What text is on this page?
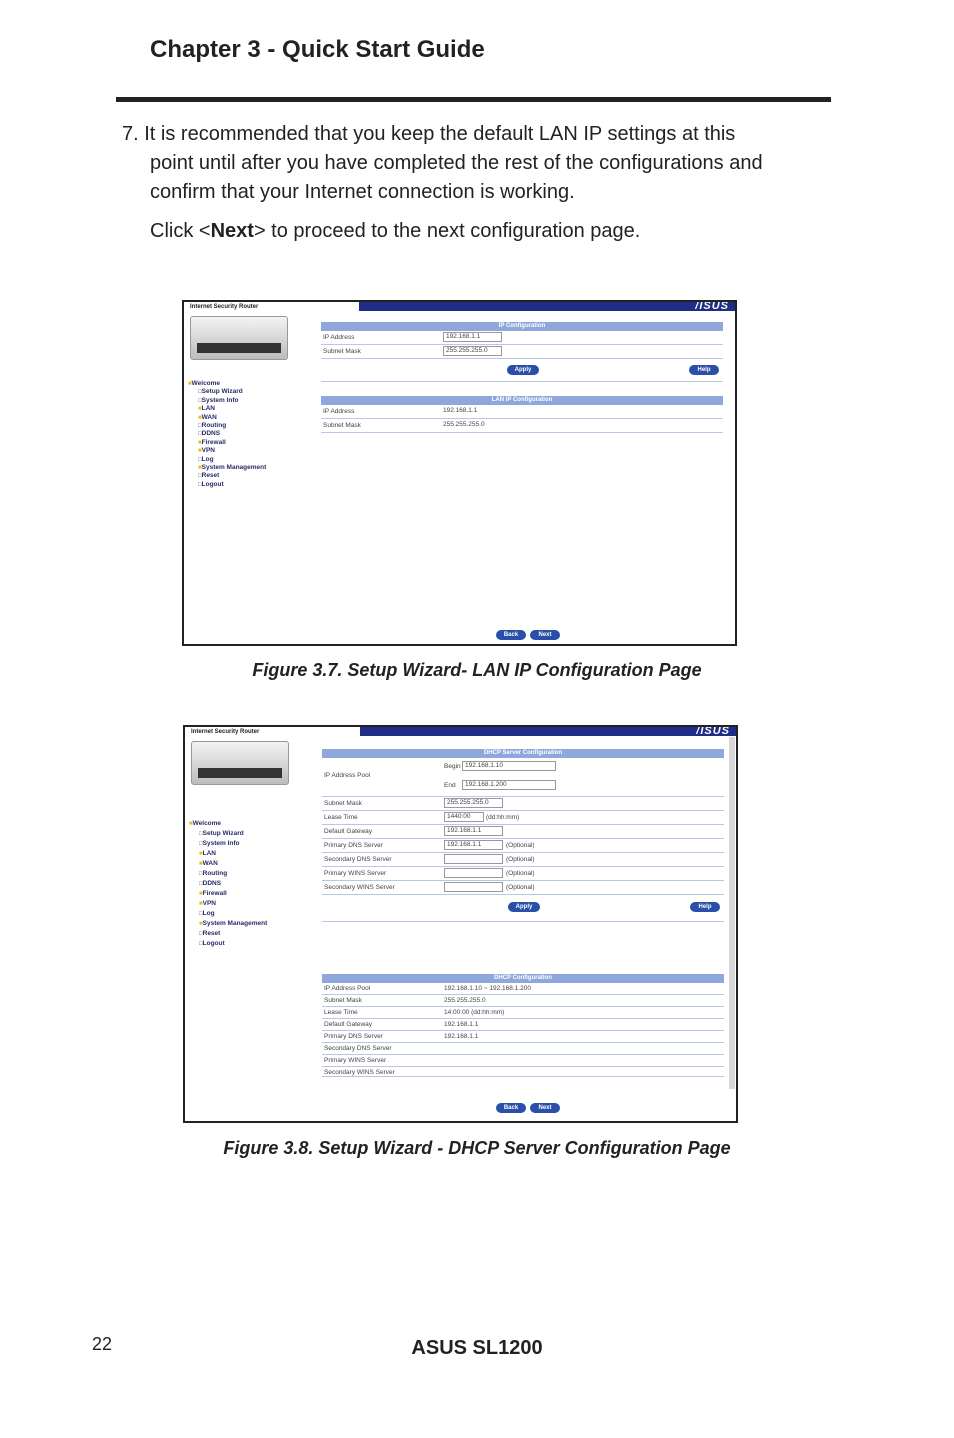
Chapter 3 - Quick Start Guide
7. It is recommended that you keep the default LAN IP settings at this
point until after you have completed the rest of the configurations and
confirm that your Internet connection is working.
Click <Next> to proceed to the next configuration page.
/ISUS
Internet Security Router
■ Welcome
□ Setup Wizard
□ System Info
■ LAN
■ WAN
□ Routing
□ DDNS
■ Firewall
■ VPN
□ Log
■ System Management
□ Reset
□ Logout
IP Configuration
IP Address	192.168.1.1
Subnet Mask	255.255.255.0
Apply	Help
LAN IP Configuration
IP Address	192.168.1.1
Subnet Mask	255.255.255.0
Back	Next
Figure 3.7. Setup Wizard- LAN IP Configuration Page
/ISUS
Internet Security Router
■ Welcome
□ Setup Wizard
□ System Info
■ LAN
■ WAN
□ Routing
□ DDNS
■ Firewall
■ VPN
□ Log
■ System Management
□ Reset
□ Logout
DHCP Server Configuration
IP Address Pool
Begin 192.168.1.10
End	192.168.1.200
Subnet Mask	255.255.255.0
Lease Time	1440:00	(dd:hh:mm)
Default Gateway	192.168.1.1
Primary DNS Server	192.168.1.1	(Optional)
Secondary DNS Server	(Optional)
Primary WINS Server	(Optional)
Secondary WINS Server	(Optional)
Apply	Help
DHCP Configuration
IP Address Pool	192.168.1.10 ~ 192.168.1.200
Subnet Mask	255.255.255.0
Lease Time	14:00:00 (dd:hh:mm)
Default Gateway	192.168.1.1
Primary DNS Server	192.168.1.1
Secondary DNS Server
Primary WINS Server
Secondary WINS Server
Back	Next
Figure 3.8. Setup Wizard - DHCP Server Configuration Page
22	ASUS SL1200
